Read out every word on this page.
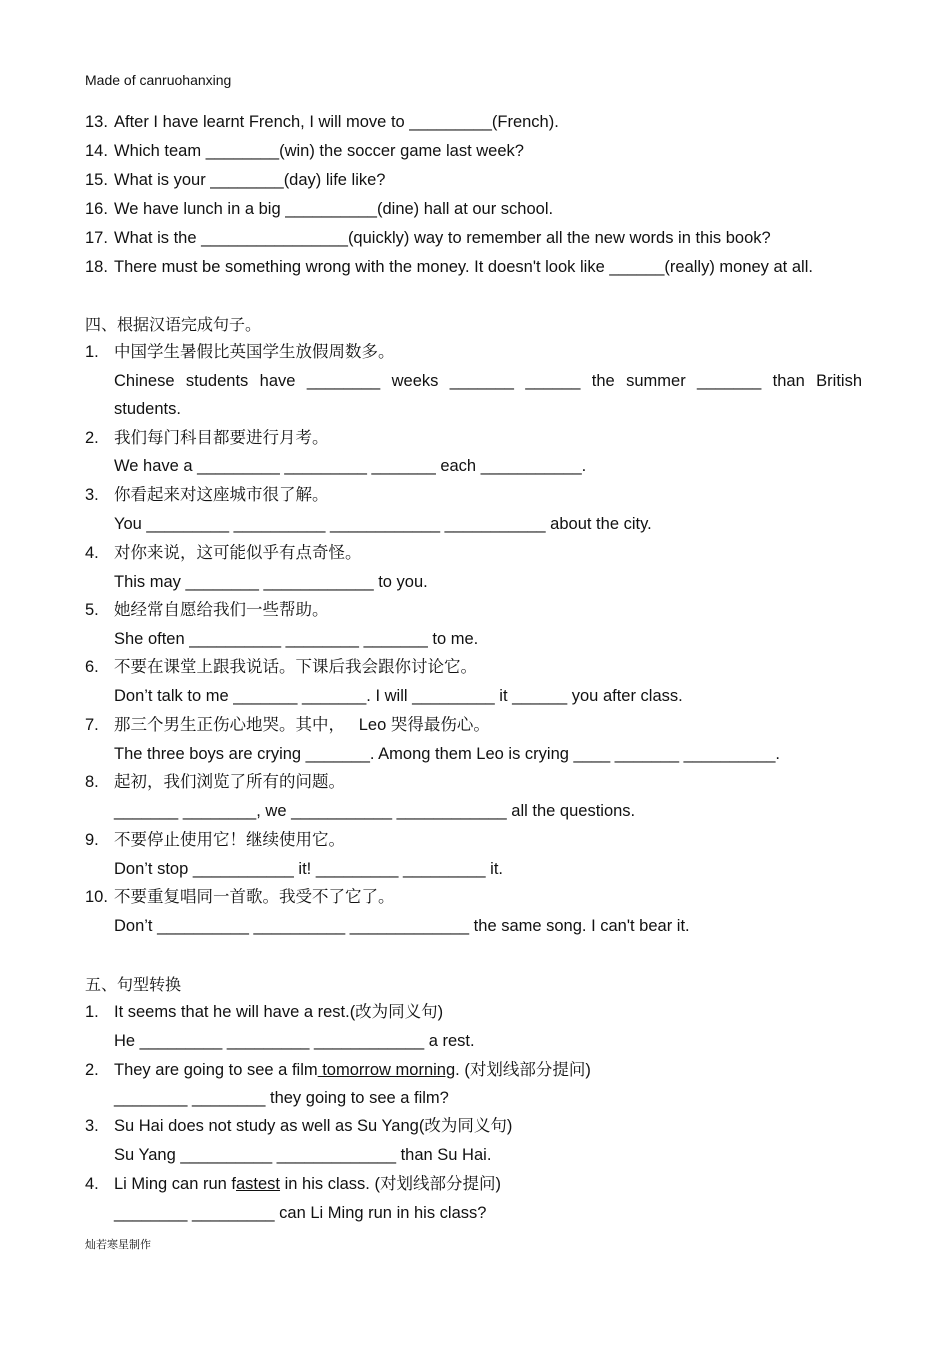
Made of canruohanxing
13. After I have learnt French, I will move to _________(French).
14. Which team ________(win) the soccer game last week?
15. What is your ________(day) life like?
16. We have lunch in a big __________(dine) hall at our school.
17. What is the ________________(quickly) way to remember all the new words in this book?
18. There must be something wrong with the money. It doesn't look like ______(really) money at all.
四、根据汉语完成句子。
1. 中国学生暑假比英国学生放假周数多。
Chinese students have ________ weeks _______ ______ the summer _______ than British
students.
2. 我们每门科目都要进行月考。
We have a _________ _________ _______ each ___________.
3. 你看起来对这座城市很了解。
You _________ __________ ____________ ___________ about the city.
4. 对你来说，这可能似乎有点奇怪。
This may ________ ____________ to you.
5. 她经常自愿给我们一些帮助。
She often __________ ________ _______ to me.
6. 不要在课堂上跟我说话。下课后我会跟你讨论它。
Don’t talk to me _______ _______. I will _________ it ______ you after class.
7. 那三个男生正伤心地哭。其中，   Leo 哭得最伤心。
The three boys are crying _______. Among them Leo is crying ____ _______ __________.
8. 起初，我们浏览了所有的问题。
_______ ________, we ___________ ____________ all the questions.
9. 不要停止使用它！继续使用它。
Don’t stop ___________ it! _________ _________ it.
10. 不要重复唱同一首歌。我受不了它了。
Don’t __________ __________ _____________ the same song. I can't bear it.
五、句型转换
1. It seems that he will have a rest.(改为同义句)
He _________ _________ ____________ a rest.
2. They are going to see a film tomorrow morning. (对划线部分提问)
________ ________ they going to see a film?
3. Su Hai does not study as well as Su Yang(改为同义句)
Su Yang __________ _____________ than Su Hai.
4. Li Ming can run fastest in his class. (对划线部分提问)
________ _________ can Li Ming run in his class?
灿若寒星制作
